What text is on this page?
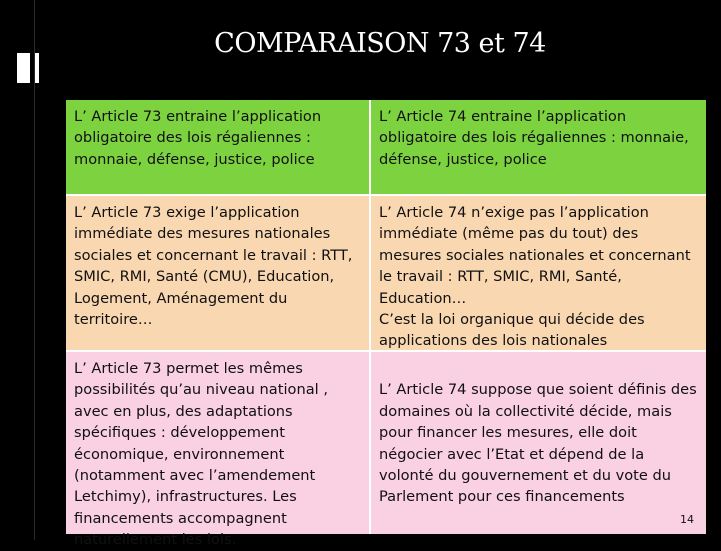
COMPARAISON 73 et 74
L’ Article 73 entraine l’application obligatoire des lois régaliennes : monnaie, défense, justice, police
L’ Article 74 entraine l’application obligatoire des lois régaliennes : monnaie, défense, justice, police
L’ Article 73 exige l’application immédiate des mesures nationales sociales et concernant le travail : RTT, SMIC, RMI, Santé (CMU), Education, Logement, Aménagement du territoire…
L’ Article 74 n’exige pas l’application immédiate (même pas du tout) des mesures sociales nationales et concernant le travail : RTT, SMIC, RMI, Santé, Education…
C’est la loi organique qui décide des applications des lois nationales
L’ Article 73 permet les mêmes possibilités qu’au niveau national , avec en plus, des adaptations spécifiques : développement économique, environnement (notamment avec l’amendement Letchimy), infrastructures. Les financements accompagnent naturellement les lois.

L’ Article 74 suppose que soient définis des domaines où la collectivité décide, mais pour financer les mesures, elle doit négocier avec l’Etat et dépend de la volonté du gouvernement et du vote du Parlement pour ces financements

14
